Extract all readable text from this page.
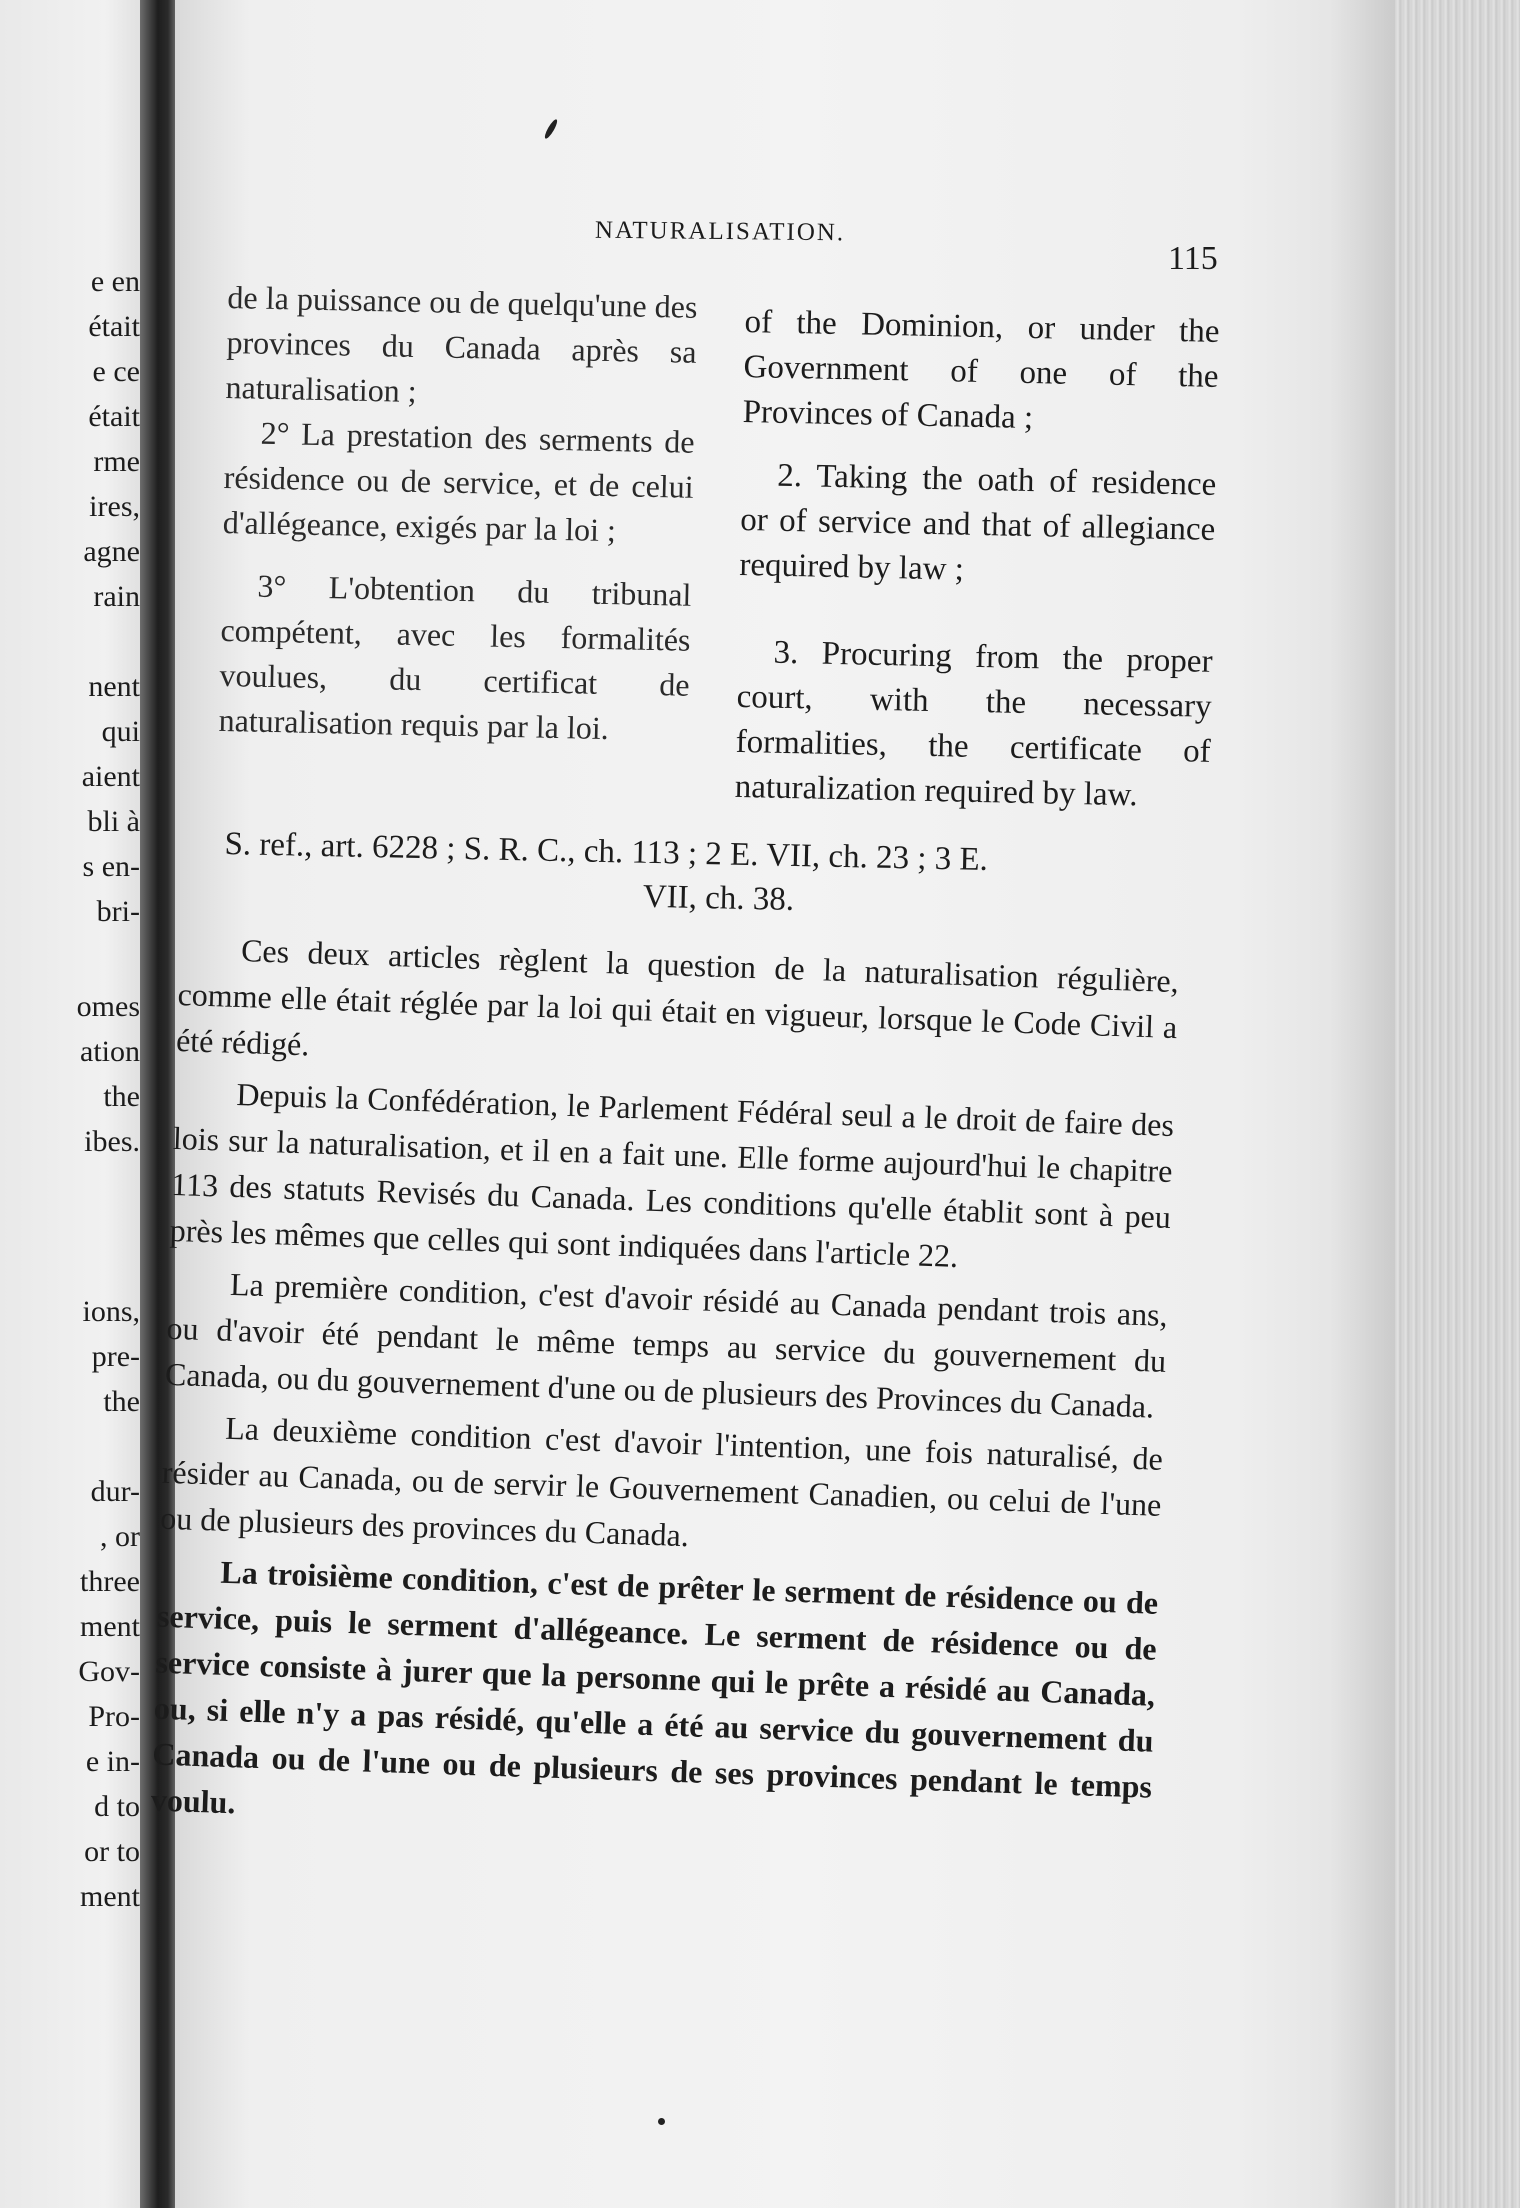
e en
était
e ce
était
rme
ires,
agne
rain
nent
qui
aient
bli à
s en-
bri-
omes
ation
the
ibes.
ions,
pre-
the
dur-
, or
three
ment
Gov-
Pro-
e in-
d to
or to
ment
NATURALISATION.
115

de la puissance ou de quelqu'une des provinces du Canada après sa naturalisation ;

2° La prestation des serments de résidence ou de service, et de celui d'allégeance, exigés par la loi ;

3° L'obtention du tribunal compétent, avec les formalités voulues, du certificat de naturalisation requis par la loi.

of the Dominion, or under the Government of one of the Provinces of Canada ;

2. Taking the oath of residence or of service and that of allegiance required by law ;

3. Procuring from the proper court, with the necessary formalities, the certificate of naturalization required by law.

S. ref., art. 6228 ; S. R. C., ch. 113 ; 2 E. VII, ch. 23 ; 3 E.
VII, ch. 38.

Ces deux articles règlent la question de la naturalisation régulière, comme elle était réglée par la loi qui était en vigueur, lorsque le Code Civil a été rédigé.

Depuis la Confédération, le Parlement Fédéral seul a le droit de faire des lois sur la naturalisation, et il en a fait une. Elle forme aujourd'hui le chapitre 113 des statuts Revisés du Canada. Les conditions qu'elle établit sont à peu près les mêmes que celles qui sont indiquées dans l'article 22.

La première condition, c'est d'avoir résidé au Canada pendant trois ans, ou d'avoir été pendant le même temps au service du gouvernement du Canada, ou du gouvernement d'une ou de plusieurs des Provinces du Canada.

La deuxième condition c'est d'avoir l'intention, une fois naturalisé, de résider au Canada, ou de servir le Gouvernement Canadien, ou celui de l'une ou de plusieurs des provinces du Canada.

La troisième condition, c'est de prêter le serment de résidence ou de service, puis le serment d'allégeance. Le serment de résidence ou de service consiste à jurer que la personne qui le prête a résidé au Canada, ou, si elle n'y a pas résidé, qu'elle a été au service du gouvernement du Canada ou de l'une ou de plusieurs de ses provinces pendant le temps voulu.
